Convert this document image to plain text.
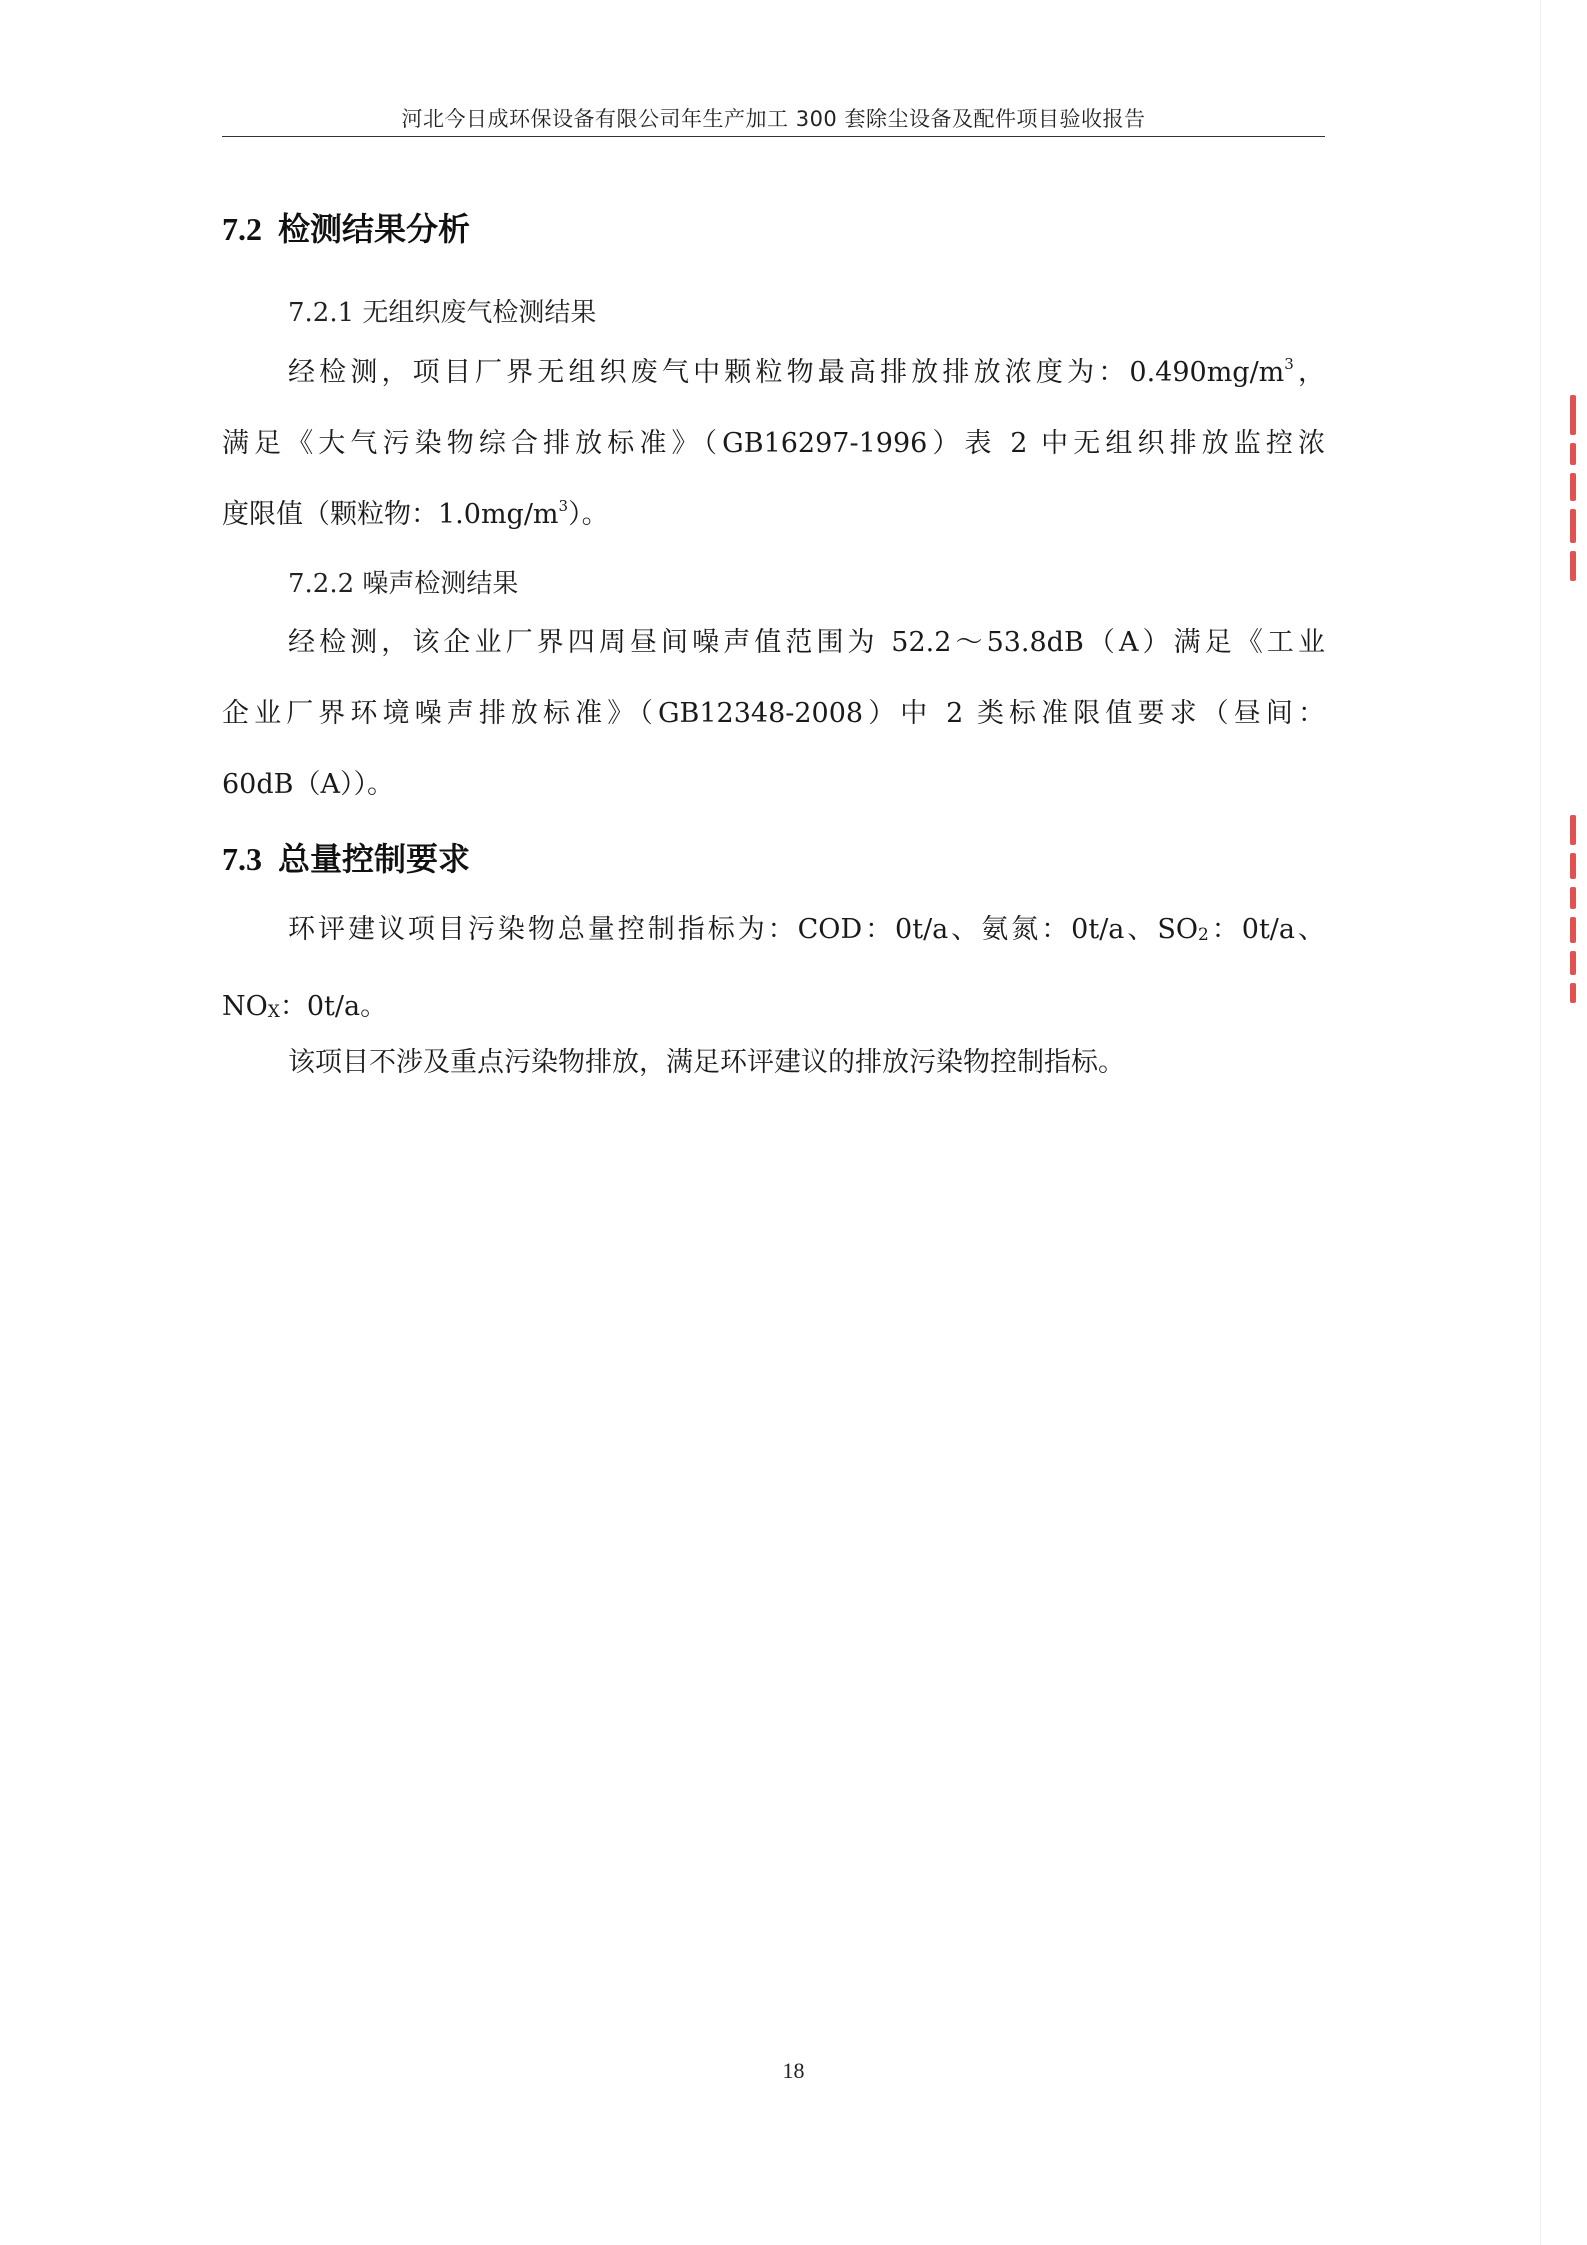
河北今日成环保设备有限公司年生产加工 300 套除尘设备及配件项目验收报告
7.2 检测结果分析
7.2.1 无组织废气检测结果
经检测，项目厂界无组织废气中颗粒物最高排放排放浓度为：$0.490mg/m^3$，
满足《大气污染物综合排放标准》（GB16297-1996）表 2 中无组织排放监控浓
度限值（颗粒物：$1.0mg/m^3$）。
7.2.2 噪声检测结果
经检测，该企业厂界四周昼间噪声值范围为 52.2～53.8dB（A）满足《工业
企业厂界环境噪声排放标准》（GB12348-2008）中 2 类标准限值要求（昼间：
60dB（A））。
7.3 总量控制要求
环评建议项目污染物总量控制指标为：COD：0t/a、氨氮：0t/a、SO2：0t/a、
NOX：0t/a。
该项目不涉及重点污染物排放，满足环评建议的排放污染物控制指标。
18
